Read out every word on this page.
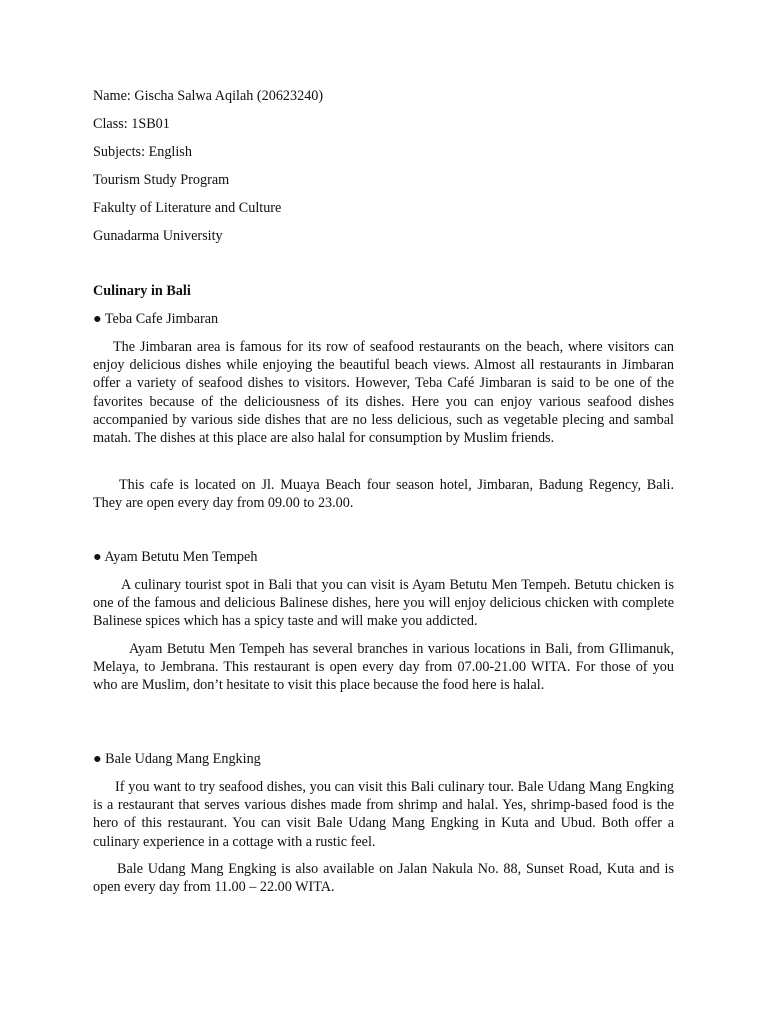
Name: Gischa Salwa Aqilah (20623240)

Class: 1SB01

Subjects: English

Tourism Study Program

Fakulty of Literature and Culture

Gunadarma University

Culinary in Bali

● Teba Cafe Jimbaran

The Jimbaran area is famous for its row of seafood restaurants on the beach, where visitors can enjoy delicious dishes while enjoying the beautiful beach views. Almost all restaurants in Jimbaran offer a variety of seafood dishes to visitors. However, Teba Café Jimbaran is said to be one of the favorites because of the deliciousness of its dishes. Here you can enjoy various seafood dishes accompanied by various side dishes that are no less delicious, such as vegetable plecing and sambal matah. The dishes at this place are also halal for consumption by Muslim friends.

This cafe is located on Jl. Muaya Beach four season hotel, Jimbaran, Badung Regency, Bali. They are open every day from 09.00 to 23.00.

● Ayam Betutu Men Tempeh

A culinary tourist spot in Bali that you can visit is Ayam Betutu Men Tempeh. Betutu chicken is one of the famous and delicious Balinese dishes, here you will enjoy delicious chicken with complete Balinese spices which has a spicy taste and will make you addicted.

Ayam Betutu Men Tempeh has several branches in various locations in Bali, from GIlimanuk, Melaya, to Jembrana. This restaurant is open every day from 07.00-21.00 WITA. For those of you who are Muslim, don’t hesitate to visit this place because the food here is halal.

● Bale Udang Mang Engking

If you want to try seafood dishes, you can visit this Bali culinary tour. Bale Udang Mang Engking is a restaurant that serves various dishes made from shrimp and halal. Yes, shrimp-based food is the hero of this restaurant. You can visit Bale Udang Mang Engking in Kuta and Ubud. Both offer a culinary experience in a cottage with a rustic feel.

Bale Udang Mang Engking is also available on Jalan Nakula No. 88, Sunset Road, Kuta and is open every day from 11.00 – 22.00 WITA.
